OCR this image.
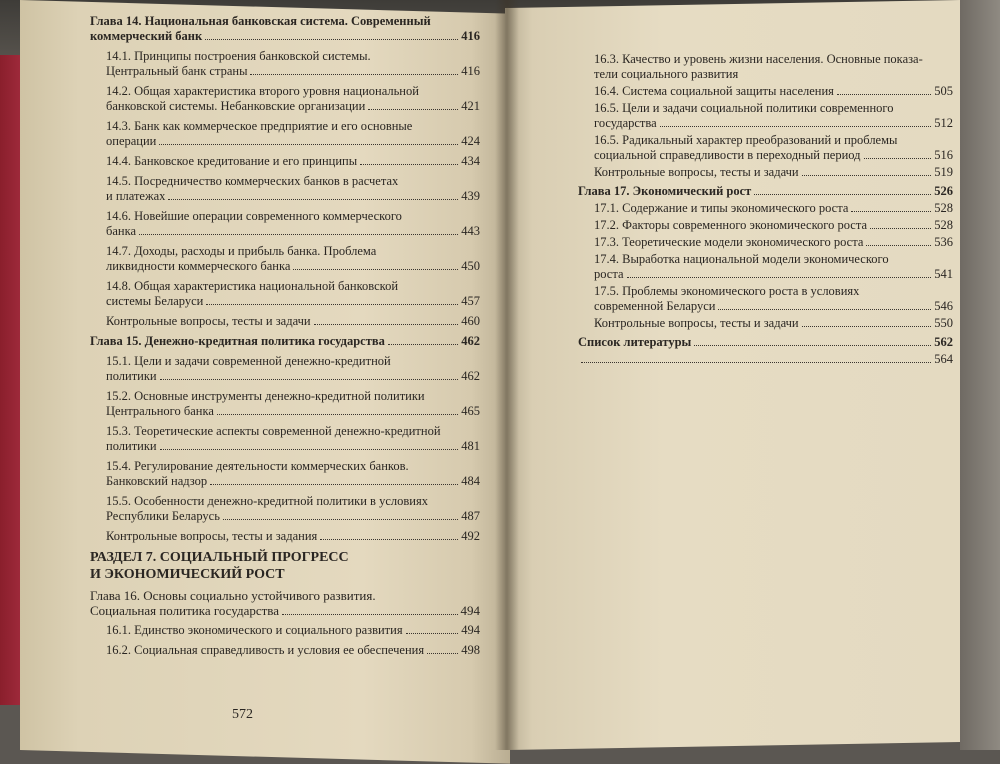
Глава 14. Национальная банковская система. Современный
коммерческий банк	416
14.1. Принципы построения банковской системы.
Центральный банк страны	416
14.2. Общая характеристика второго уровня национальной
банковской системы. Небанковские организации	421
14.3. Банк как коммерческое предприятие и его основные
операции	424
14.4. Банковское кредитование и его принципы	434
14.5. Посредничество коммерческих банков в расчетах
и платежах	439
14.6. Новейшие операции современного коммерческого
банка	443
14.7. Доходы, расходы и прибыль банка. Проблема
ликвидности коммерческого банка	450
14.8. Общая характеристика национальной банковской
системы Беларуси	457
Контрольные вопросы, тесты и задачи	460
Глава 15. Денежно-кредитная политика государства	462
15.1. Цели и задачи современной денежно-кредитной
политики	462
15.2. Основные инструменты денежно-кредитной политики
Центрального банка	465
15.3. Теоретические аспекты современной денежно-кредитной
политики	481
15.4. Регулирование деятельности коммерческих банков.
Банковский надзор	484
15.5. Особенности денежно-кредитной политики в условиях
Республики Беларусь	487
Контрольные вопросы, тесты и задания	492
РАЗДЕЛ 7. СОЦИАЛЬНЫЙ ПРОГРЕСС
И ЭКОНОМИЧЕСКИЙ РОСТ
Глава 16. Основы социально устойчивого развития.
Социальная политика государства	494
16.1. Единство экономического и социального развития	494
16.2. Социальная справедливость и условия ее обеспечения	498
16.3. Качество и уровень жизни населения. Основные показа-
тели социального развития
16.4. Система социальной защиты населения	505
16.5. Цели и задачи социальной политики современного
государства	512
16.5. Радикальный характер преобразований и проблемы
социальной справедливости в переходный период	516
Контрольные вопросы, тесты и задачи	519
Глава 17. Экономический рост	526
17.1. Содержание и типы экономического роста	528
17.2. Факторы современного экономического роста	528
17.3. Теоретические модели экономического роста	536
17.4. Выработка национальной модели экономического
роста	541
17.5. Проблемы экономического роста в условиях
современной Беларуси	546
Контрольные вопросы, тесты и задачи	550
Список литературы	562
564
572
